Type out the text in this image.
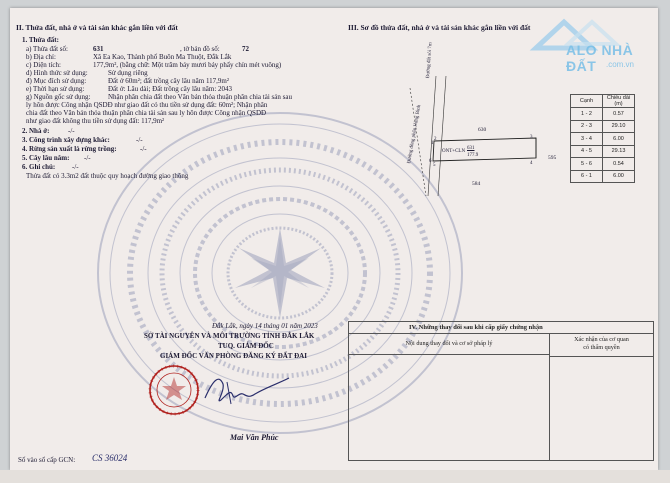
ALO NHÀ ĐẤT	.com.vn
II. Thửa đất, nhà ở và tài sản khác gắn liền với đất
1. Thửa đất:
a) Thửa đất số:	631	, tờ bản đồ số:	72
b) Địa chỉ:	Xã Ea Kao, Thành phố Buôn Ma Thuột, Đắk Lắk
c) Diện tích:	177,9m², (bằng chữ: Một trăm bảy mươi bảy phẩy chín mét vuông)
d) Hình thức sử dụng:	Sử dụng riêng
đ) Mục đích sử dụng:	Đất ở 60m²; đất trồng cây lâu năm 117,9m²
e) Thời hạn sử dụng:	Đất ở: Lâu dài; Đất trồng cây lâu năm: 2043
g) Nguồn gốc sử dụng:	Nhận phân chia đất theo Văn bản thỏa thuận phân chia tài sản sau
ly hôn được Công nhận QSDĐ như giao đất có thu tiền sử dụng đất: 60m²; Nhận phân
chia đất theo Văn bản thỏa thuận phân chia tài sản sau ly hôn được Công nhận QSDĐ
như giao đất không thu tiền sử dụng đất: 117,9m²
2. Nhà ở:	-/-
3. Công trình xây dựng khác:	-/-
4. Rừng sản xuất là rừng trồng:	-/-
5. Cây lâu năm: -/-
6. Ghi chú: -/-
Thửa đất có 3.3m2 đất thuộc quy hoạch đường giao thông
III. Sơ đồ thửa đất, nhà ở và tài sản khác gắn liền với đất
Đường đất sỏi 7m
Đường đồng phân Hùng Bình	630
595
584
ONT+CLN
631
177.9
1
2	3
4
5
6
Cạnh	Chiều dài (m)
1 - 2	0.57
2 - 3	29.10
3 - 4	6.00
4 - 5	29.13
5 - 6	0.54
6 - 1	6.00
Đắk Lắk, ngày 14 tháng 01 năm 2023
SỞ TÀI NGUYÊN VÀ MÔI TRƯỜNG TỈNH ĐẮK LẮK
TUQ. GIÁM ĐỐC
GIÁM ĐỐC VĂN PHÒNG ĐĂNG KÝ ĐẤT ĐAI
Mai Văn Phúc
Số vào sổ cấp GCN: CS 36024
IV. Những thay đổi sau khi cấp giấy chứng nhận
Nội dung thay đổi và cơ sở pháp lý
Xác nhận của cơ quan
có thẩm quyền
